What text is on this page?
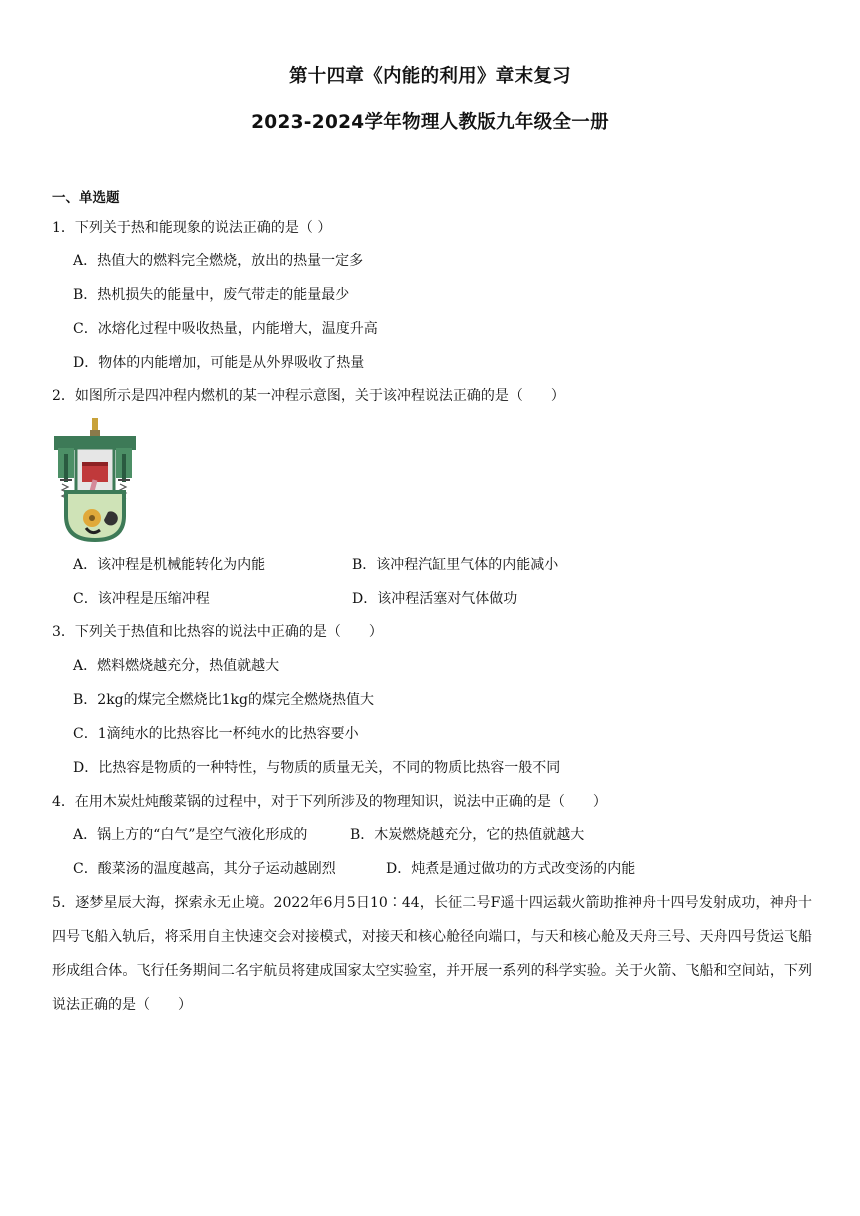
第十四章《内能的利用》章末复习
2023-2024学年物理人教版九年级全一册
一、单选题
1．下列关于热和能现象的说法正确的是（ ）
A．热值大的燃料完全燃烧，放出的热量一定多
B．热机损失的能量中，废气带走的能量最少
C．冰熔化过程中吸收热量，内能增大，温度升高
D．物体的内能增加，可能是从外界吸收了热量
2．如图所示是四冲程内燃机的某一冲程示意图，关于该冲程说法正确的是（　　）
A．该冲程是机械能转化为内能	B．该冲程汽缸里气体的内能减小
C．该冲程是压缩冲程	D．该冲程活塞对气体做功
3．下列关于热值和比热容的说法中正确的是（　　）
A．燃料燃烧越充分，热值就越大
B．2kg的煤完全燃烧比1kg的煤完全燃烧热值大
C．1滴纯水的比热容比一杯纯水的比热容要小
D．比热容是物质的一种特性，与物质的质量无关，不同的物质比热容一般不同
4．在用木炭灶炖酸菜锅的过程中，对于下列所涉及的物理知识，说法中正确的是（　　）
A．锅上方的“白气”是空气液化形成的	B．木炭燃烧越充分，它的热值就越大
C．酸菜汤的温度越高，其分子运动越剧烈	D．炖煮是通过做功的方式改变汤的内能
5．逐梦星辰大海，探索永无止境。2022年6月5日10∶44，长征二号F遥十四运载火箭助推神舟十四号发射成功，神舟十四号飞船入轨后，将采用自主快速交会对接模式，对接天和核心舱径向端口，与天和核心舱及天舟三号、天舟四号货运飞船形成组合体。飞行任务期间二名宇航员将建成国家太空实验室，并开展一系列的科学实验。关于火箭、飞船和空间站，下列说法正确的是（　　）
